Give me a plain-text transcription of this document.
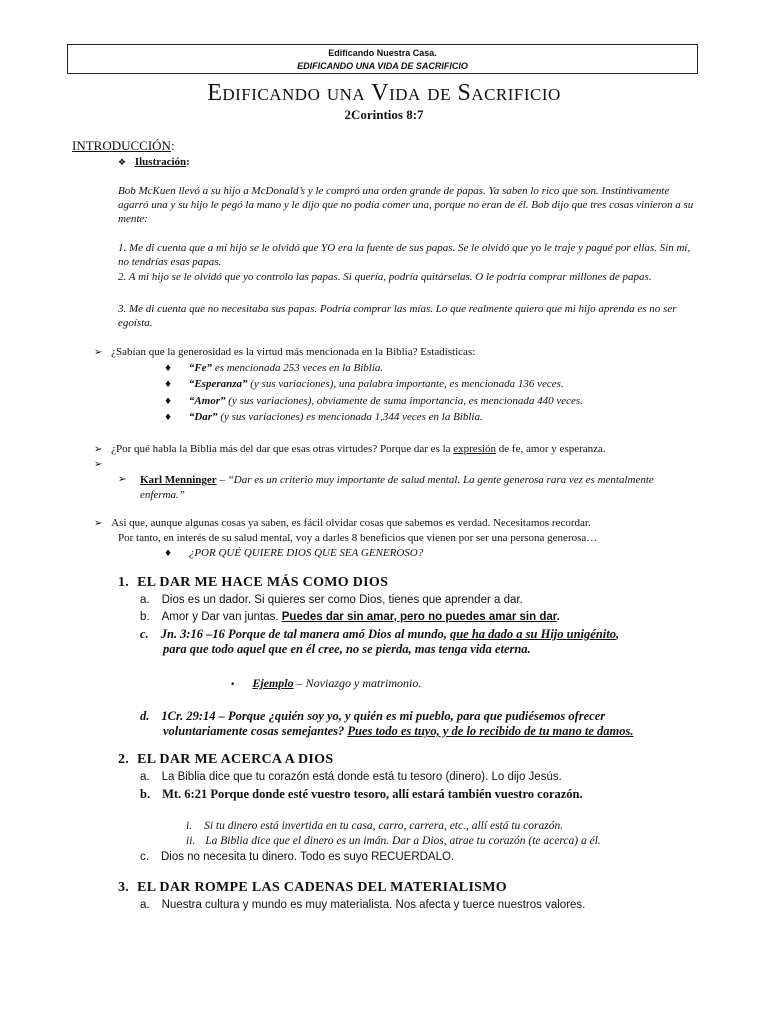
Edificando Nuestra Casa.
EDIFICANDO UNA VIDA DE SACRIFICIO
Edificando una Vida de Sacrificio
2Corintios 8:7
INTRODUCCIÓN:
❖ Ilustración:
Bob McKuen llevó a su hijo a McDonald’s y le compró una orden grande de papas. Ya saben lo rico que son. Instintivamente agarró una y su hijo le pegó la mano y le dijo que no podía comer una, porque no eran de él. Bob dijo que tres cosas vinieron a su mente:
1. Me di cuenta que a mi hijo se le olvidó que YO era la fuente de sus papas. Se le olvidó que yo le traje y pagué por ellas. Sin mí, no tendrías esas papas.
2. A mi hijo se le olvidó que yo controlo las papas. Si quería, podría quitárselas. O le podría comprar millones de papas.
3. Me di cuenta que no necesitaba sus papas. Podría comprar las mías. Lo que realmente quiero que mi hijo aprenda es no ser egoísta.
➢ ¿Sabían que la generosidad es la virtud más mencionada en la Biblia? Estadísticas:
♦ “Fe” es mencionada 253 veces en la Biblia.
♦ “Esperanza” (y sus variaciones), una palabra importante, es mencionada 136 veces.
♦ “Amor” (y sus variaciones), obviamente de suma importancia, es mencionada 440 veces.
♦ “Dar” (y sus variaciones) es mencionada 1,344 veces en la Biblia.
➢ ¿Por qué habla la Biblia más del dar que esas otras virtudes? Porque dar es la expresión de fe, amor y esperanza.
➢
➢ Karl Menninger – “Dar es un criterio muy importante de salud mental. La gente generosa rara vez es mentalmente enferma.”
➢ Asi que, aunque algunas cosas ya saben, es fácil olvidar cosas que sabemos es verdad. Necesitamos recordar.
Por tanto, en interés de su salud mental, voy a darles 8 beneficios que vienen por ser una persona generosa…
♦ ¿POR QUÉ QUIERE DIOS QUE SEA GENEROSO?
1. EL DAR ME HACE MÁS COMO DIOS
a. Dios es un dador. Si quieres ser como Dios, tienes que aprender a dar.
b. Amor y Dar van juntas. Puedes dar sin amar, pero no puedes amar sin dar.
c. Jn. 3:16 –16 Porque de tal manera amó Dios al mundo, que ha dado a su Hijo unigénito,
para que todo aquel que en él cree, no se pierda, mas tenga vida eterna.
• Ejemplo – Noviazgo y matrimonio.
d. 1Cr. 29:14 – Porque ¿quién soy yo, y quién es mi pueblo, para que pudiésemos ofrecer
voluntariamente cosas semejantes? Pues todo es tuyo, y de lo recibido de tu mano te damos.
2. EL DAR ME ACERCA A DIOS
a. La Biblia dice que tu corazón está donde está tu tesoro (dinero). Lo dijo Jesús.
b. Mt. 6:21 Porque donde esté vuestro tesoro, allí estará también vuestro corazón.
i. Si tu dinero está invertida en tu casa, carro, carrera, etc., allí está tu corazón.
ii. La Biblia dice que el dinero es un imán. Dar a Dios, atrae tu corazón (te acerca) a él.
c. Dios no necesita tu dinero. Todo es suyo RECUERDALO.
3. EL DAR ROMPE LAS CADENAS DEL MATERIALISMO
a. Nuestra cultura y mundo es muy materialista. Nos afecta y tuerce nuestros valores.
